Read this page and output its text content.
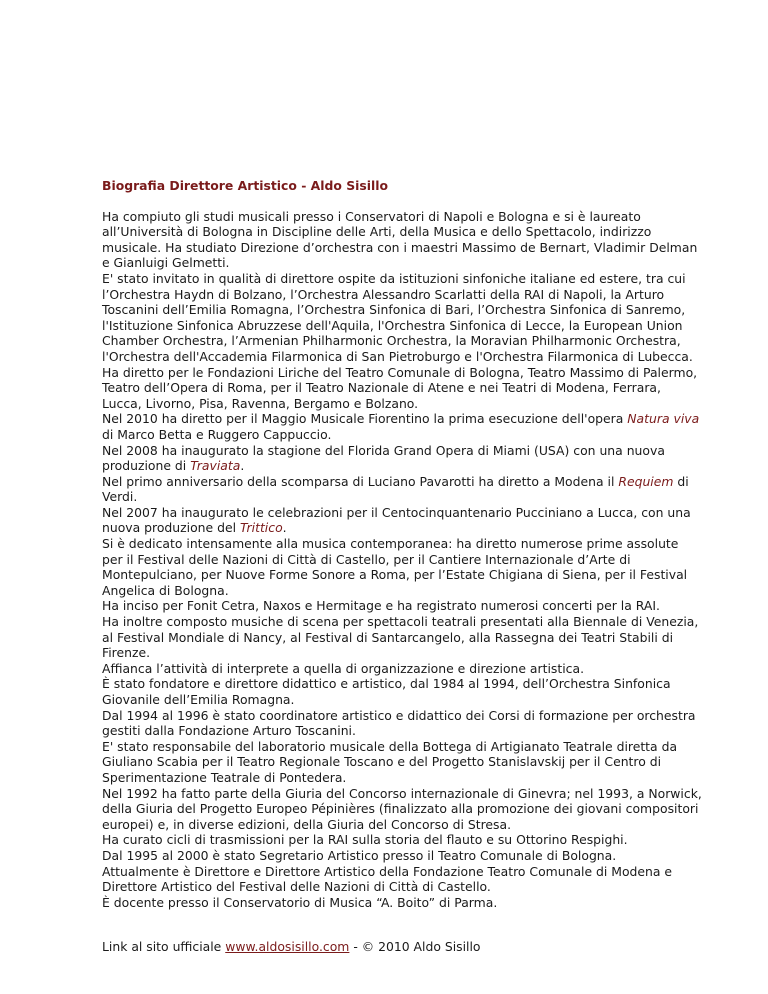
Biografia Direttore Artistico - Aldo Sisillo
Ha compiuto gli studi musicali presso i Conservatori di Napoli e Bologna e si è laureato all’Università di Bologna in Discipline delle Arti, della Musica e dello Spettacolo, indirizzo musicale. Ha studiato Direzione d’orchestra con i maestri Massimo de Bernart, Vladimir Delman e Gianluigi Gelmetti.
E' stato invitato in qualità di direttore ospite da istituzioni sinfoniche italiane ed estere, tra cui l’Orchestra Haydn di Bolzano, l’Orchestra Alessandro Scarlatti della RAI di Napoli, la Arturo Toscanini dell’Emilia Romagna, l’Orchestra Sinfonica di Bari, l’Orchestra Sinfonica di Sanremo, l'Istituzione Sinfonica Abruzzese dell'Aquila, l'Orchestra Sinfonica di Lecce, la European Union Chamber Orchestra, l’Armenian Philharmonic Orchestra, la Moravian Philharmonic Orchestra, l'Orchestra dell'Accademia Filarmonica di San Pietroburgo e l'Orchestra Filarmonica di Lubecca.
Ha diretto per le Fondazioni Liriche del Teatro Comunale di Bologna, Teatro Massimo di Palermo, Teatro dell’Opera di Roma, per il Teatro Nazionale di Atene e nei Teatri di Modena, Ferrara, Lucca, Livorno, Pisa, Ravenna, Bergamo e Bolzano.
Nel 2010 ha diretto per il Maggio Musicale Fiorentino la prima esecuzione dell'opera Natura viva di Marco Betta e Ruggero Cappuccio.
Nel 2008 ha inaugurato la stagione del Florida Grand Opera di Miami (USA) con una nuova produzione di Traviata.
Nel primo anniversario della scomparsa di Luciano Pavarotti ha diretto a Modena il Requiem di Verdi.
Nel 2007 ha inaugurato le celebrazioni per il Centocinquantenario Pucciniano a Lucca, con una nuova produzione del Trittico.
Si è dedicato intensamente alla musica contemporanea: ha diretto numerose prime assolute per il Festival delle Nazioni di Città di Castello, per il Cantiere Internazionale d’Arte di Montepulciano, per Nuove Forme Sonore a Roma, per l’Estate Chigiana di Siena, per il Festival Angelica di Bologna.
Ha inciso per Fonit Cetra, Naxos e Hermitage e ha registrato numerosi concerti per la RAI.
Ha inoltre composto musiche di scena per spettacoli teatrali presentati alla Biennale di Venezia, al Festival Mondiale di Nancy, al Festival di Santarcangelo, alla Rassegna dei Teatri Stabili di Firenze.
Affianca l’attività di interprete a quella di organizzazione e direzione artistica.
È stato fondatore e direttore didattico e artistico, dal 1984 al 1994, dell’Orchestra Sinfonica Giovanile dell’Emilia Romagna.
Dal 1994 al 1996 è stato coordinatore artistico e didattico dei Corsi di formazione per orchestra gestiti dalla Fondazione Arturo Toscanini.
E' stato responsabile del laboratorio musicale della Bottega di Artigianato Teatrale diretta da Giuliano Scabia per il Teatro Regionale Toscano e del Progetto Stanislavskij per il Centro di Sperimentazione Teatrale di Pontedera.
Nel 1992 ha fatto parte della Giuria del Concorso internazionale di Ginevra; nel 1993, a Norwick, della Giuria del Progetto Europeo Pépinières (finalizzato alla promozione dei giovani compositori europei) e, in diverse edizioni, della Giuria del Concorso di Stresa.
Ha curato cicli di trasmissioni per la RAI sulla storia del flauto e su Ottorino Respighi.
Dal 1995 al 2000 è stato Segretario Artistico presso il Teatro Comunale di Bologna.
Attualmente è Direttore e Direttore Artistico della Fondazione Teatro Comunale di Modena e Direttore Artistico del Festival delle Nazioni di Città di Castello.
È docente presso il Conservatorio di Musica “A. Boito” di Parma.
Link al sito ufficiale www.aldosisillo.com - © 2010 Aldo Sisillo
